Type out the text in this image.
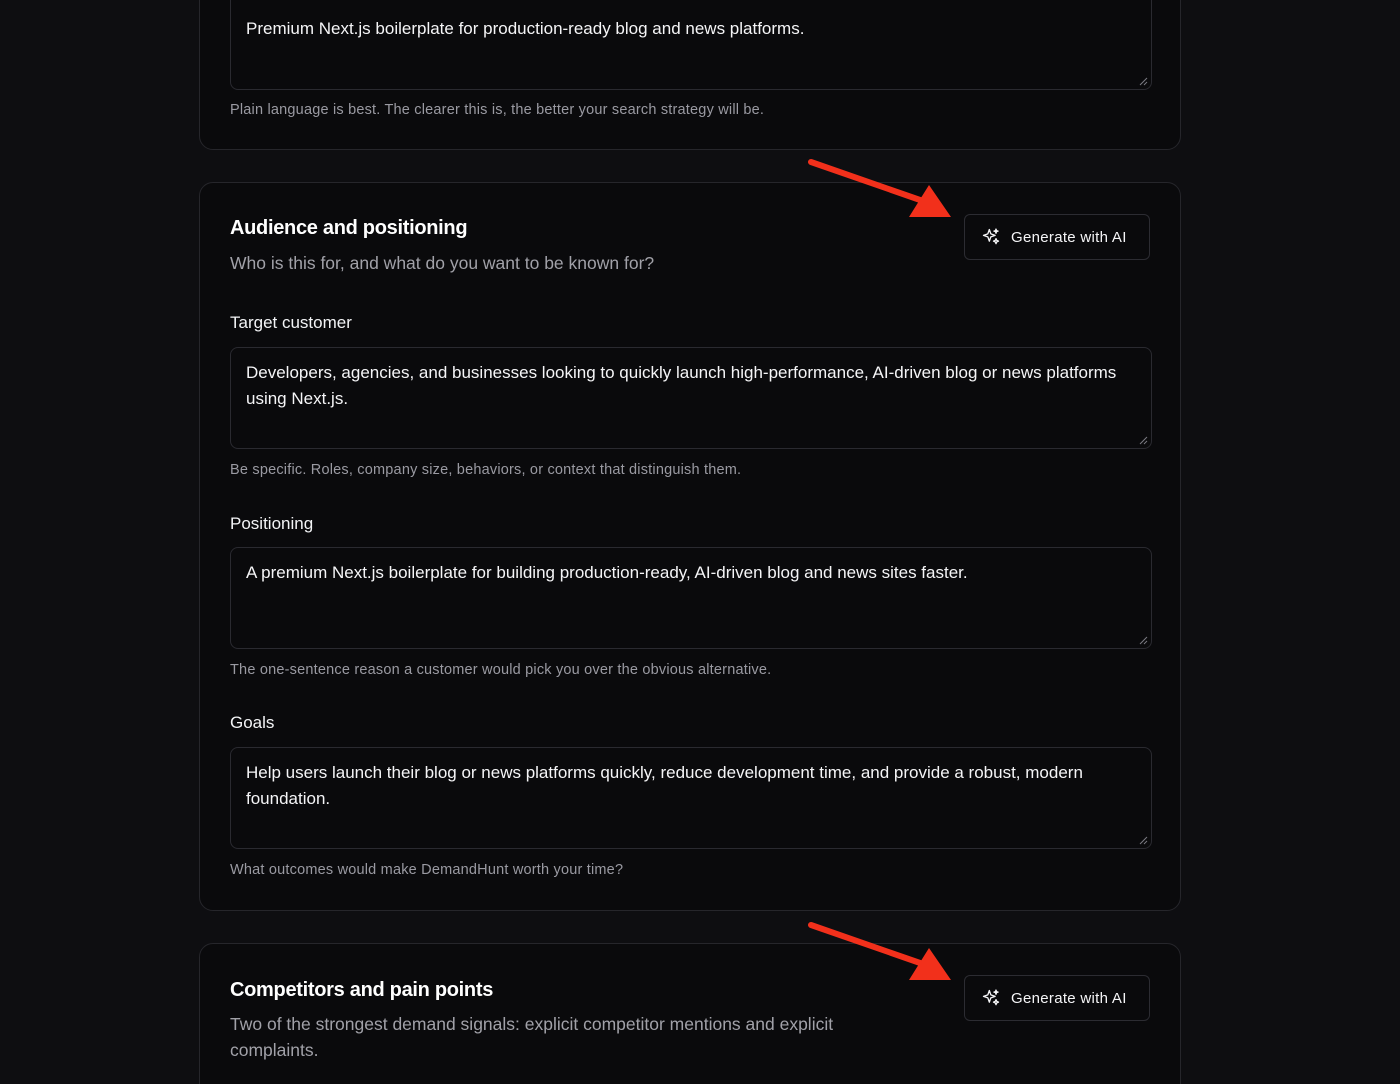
Premium Next.js boilerplate for production-ready blog and news platforms.
Plain language is best. The clearer this is, the better your search strategy will be.
Audience and positioning
Who is this for, and what do you want to be known for?
Generate with AI
Target customer
Developers, agencies, and businesses looking to quickly launch high-performance, AI-driven blog or news platforms using Next.js.
Be specific. Roles, company size, behaviors, or context that distinguish them.
Positioning
A premium Next.js boilerplate for building production-ready, AI-driven blog and news sites faster.
The one-sentence reason a customer would pick you over the obvious alternative.
Goals
Help users launch their blog or news platforms quickly, reduce development time, and provide a robust, modern foundation.
What outcomes would make DemandHunt worth your time?
Competitors and pain points
Two of the strongest demand signals: explicit competitor mentions and explicit complaints.
Generate with AI
